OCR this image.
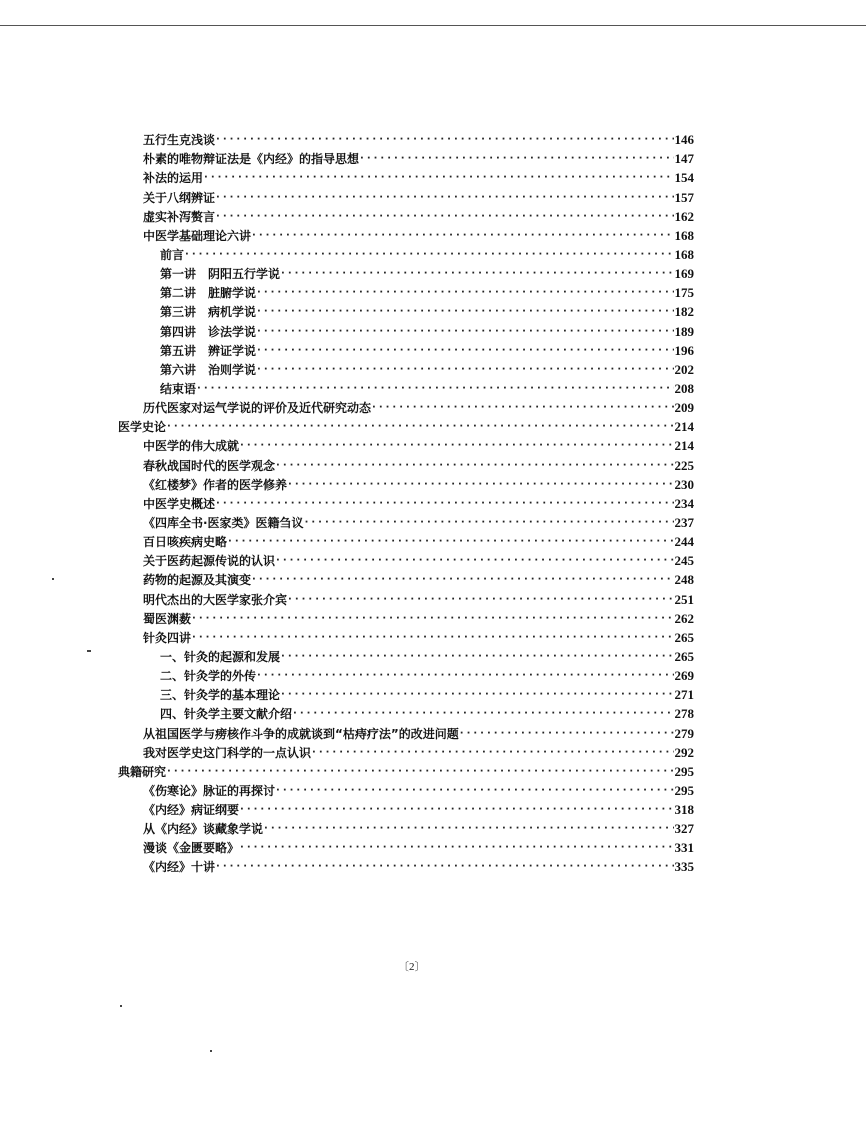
五行生克浅谈 ·····	146
朴素的唯物辩证法是《内经》的指导思想 ·····	147
补法的运用 ·····	154
关于八纲辨证 ·····	157
虚实补泻赘言 ·····	162
中医学基础理论六讲 ·····	168
前言 ·····	168
第一讲　阴阳五行学说 ·····	169
第二讲　脏腑学说 ·····	175
第三讲　病机学说 ·····	182
第四讲　诊法学说 ·····	189
第五讲　辨证学说 ·····	196
第六讲　治则学说 ·····	202
结束语 ·····	208
历代医家对运气学说的评价及近代研究动态 ·····	209
医学史论 ·····	214
中医学的伟大成就 ·····	214
春秋战国时代的医学观念 ·····	225
《红楼梦》作者的医学修养 ·····	230
中医学史概述 ·····	234
《四库全书·医家类》医籍刍议 ·····	237
百日咳疾病史略 ·····	244
关于医药起源传说的认识 ·····	245
药物的起源及其演变 ·····	248
明代杰出的大医学家张介宾 ·····	251
蜀医渊薮 ·····	262
针灸四讲 ·····	265
一、针灸的起源和发展 ·····	265
二、针灸学的外传 ·····	269
三、针灸学的基本理论 ·····	271
四、针灸学主要文献介绍 ·····	278
从祖国医学与痨核作斗争的成就谈到“枯痔疗法”的改进问题 ·····	279
我对医学史这门科学的一点认识 ·····	292
典籍研究 ·····	295
《伤寒论》脉证的再探讨 ·····	295
《内经》病证纲要 ·····	318
从《内经》谈藏象学说 ·····	327
漫谈《金匮要略》 ·····	331
《内经》十讲 ·····	335
〔2〕
